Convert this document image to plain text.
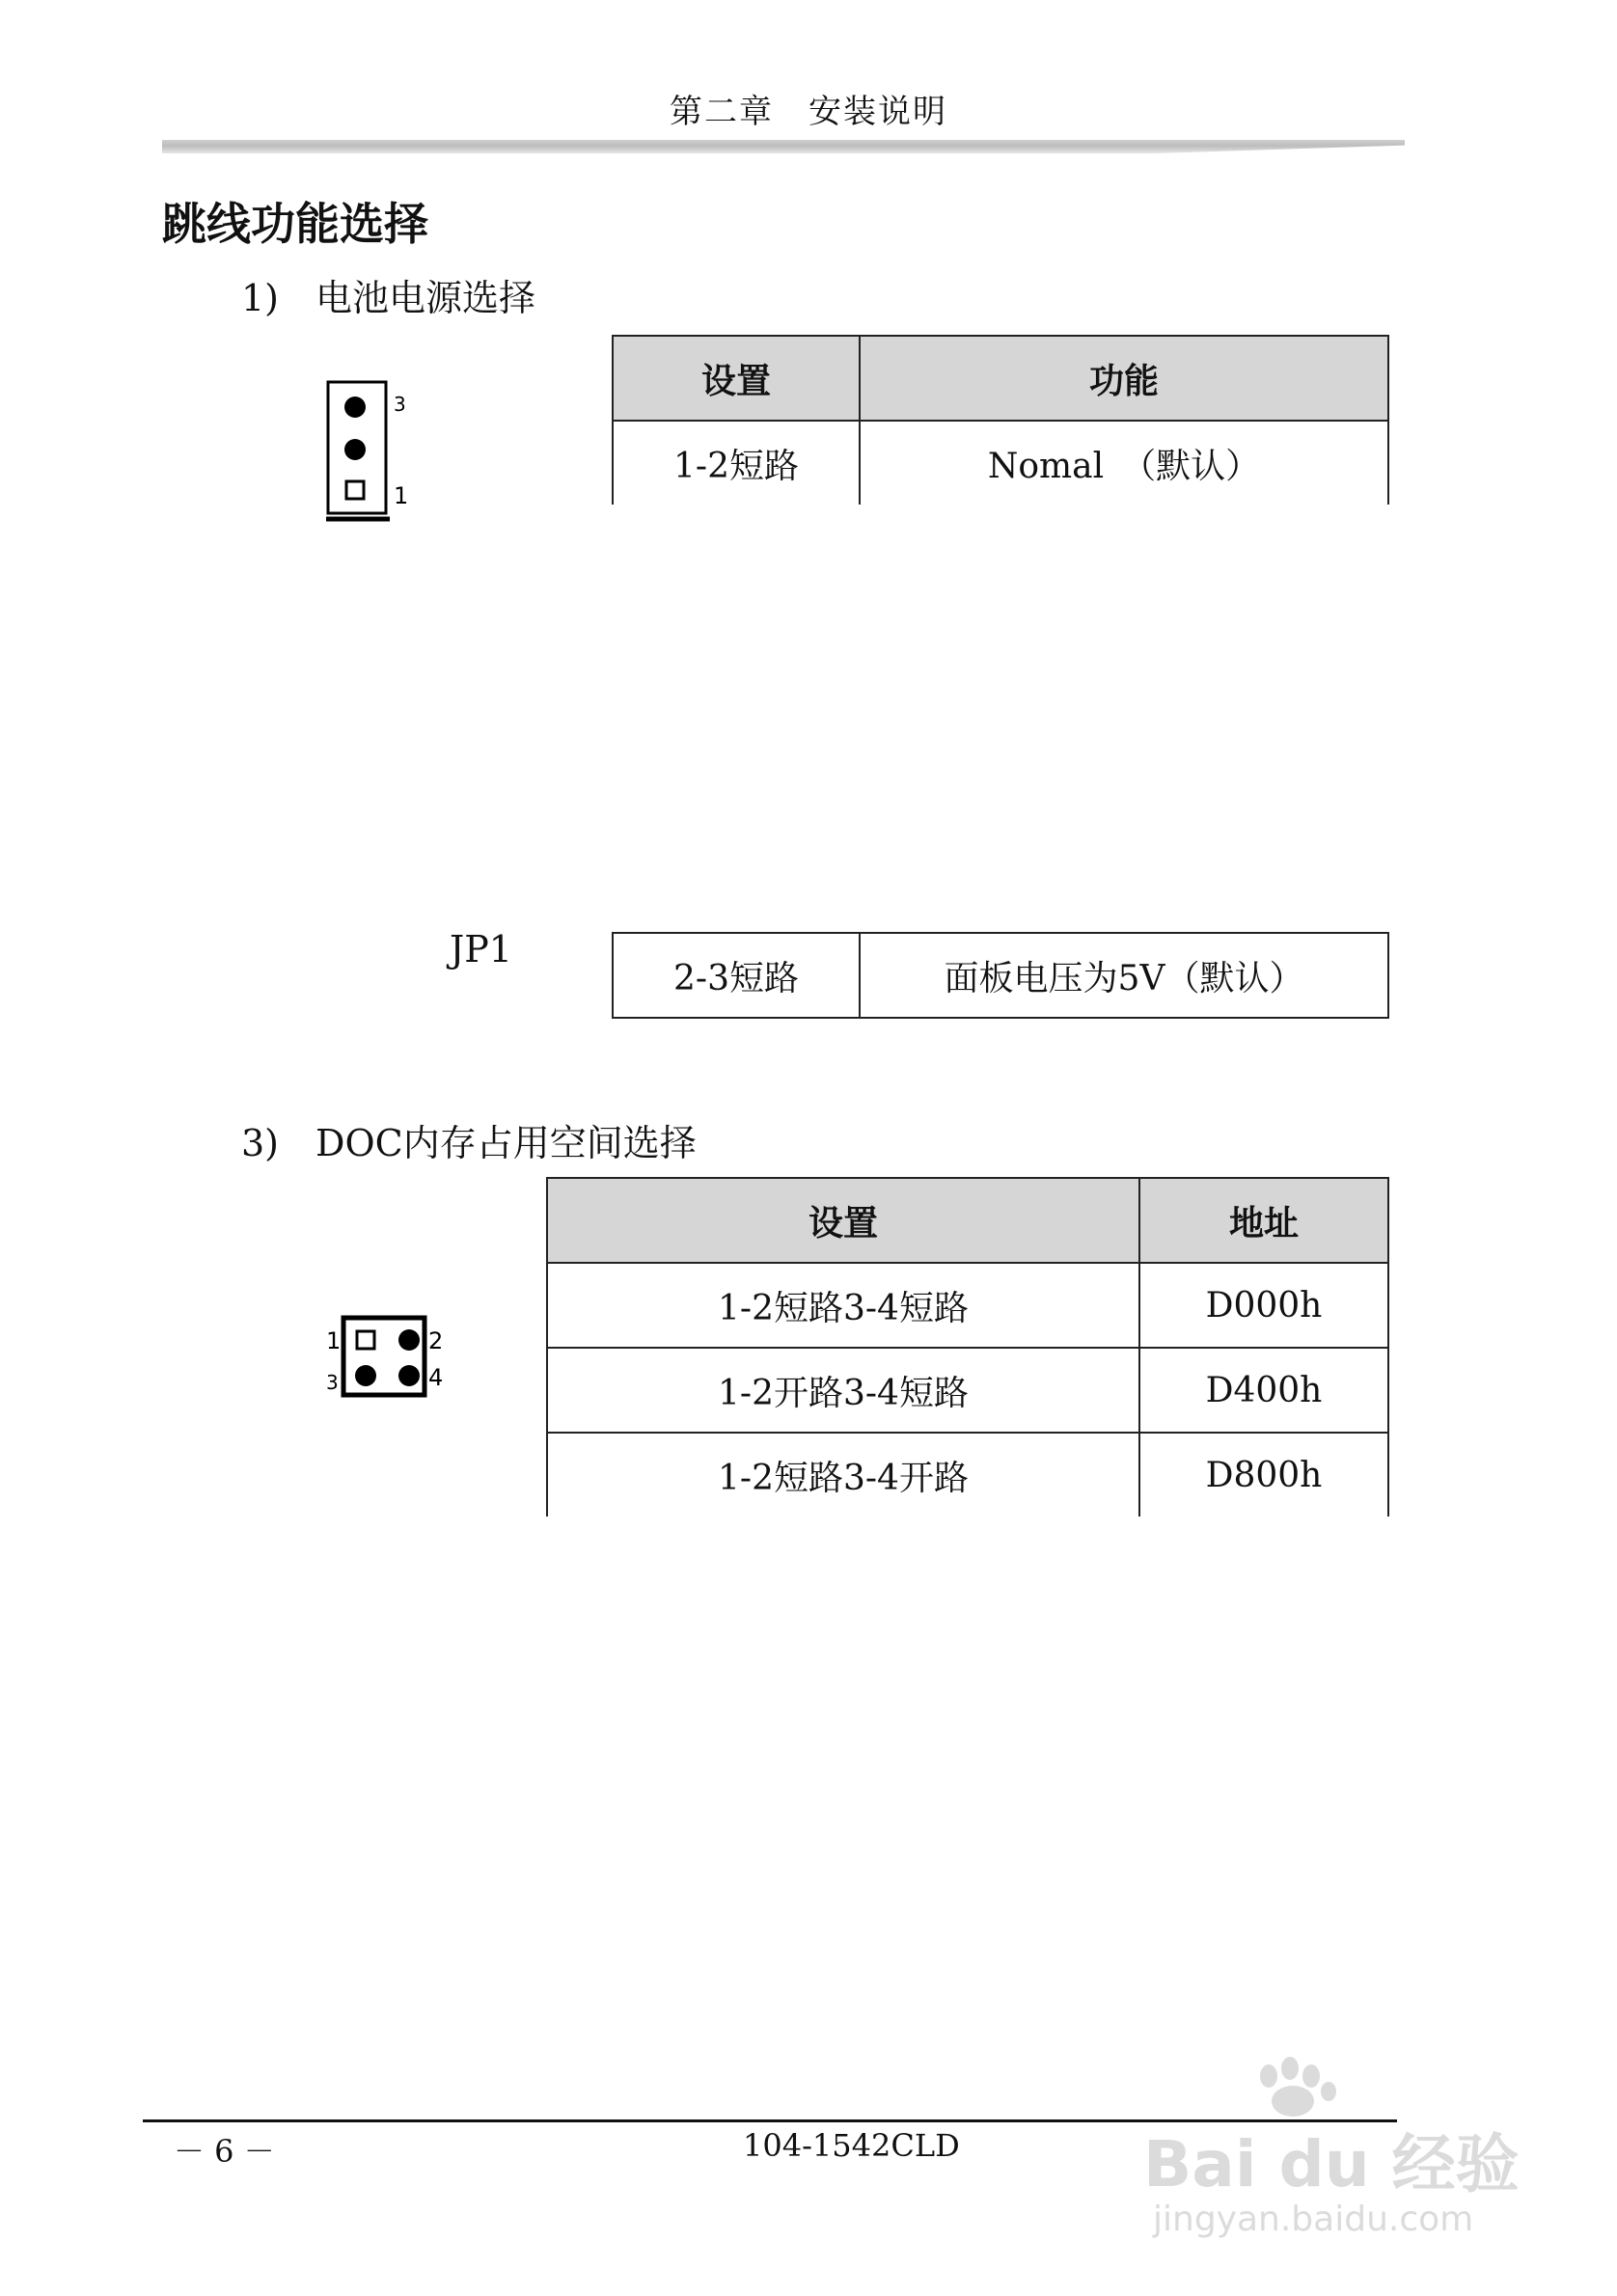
第二章　安装说明
跳线功能选择
1)　电池电源选择
3
1
设置	功能
1-2短路	Nomal　（默认）
JP1
2-3短路	面板电压为5V（默认）
3)　DOC内存占用空间选择
1	2
3	4
设置	地址
1-2短路3-4短路	D000h
1-2开路3-4短路	D400h
1-2短路3-4开路	D800h
－ 6 －	104-1542CLD	Bai du 经验
jingyan.baidu.com
